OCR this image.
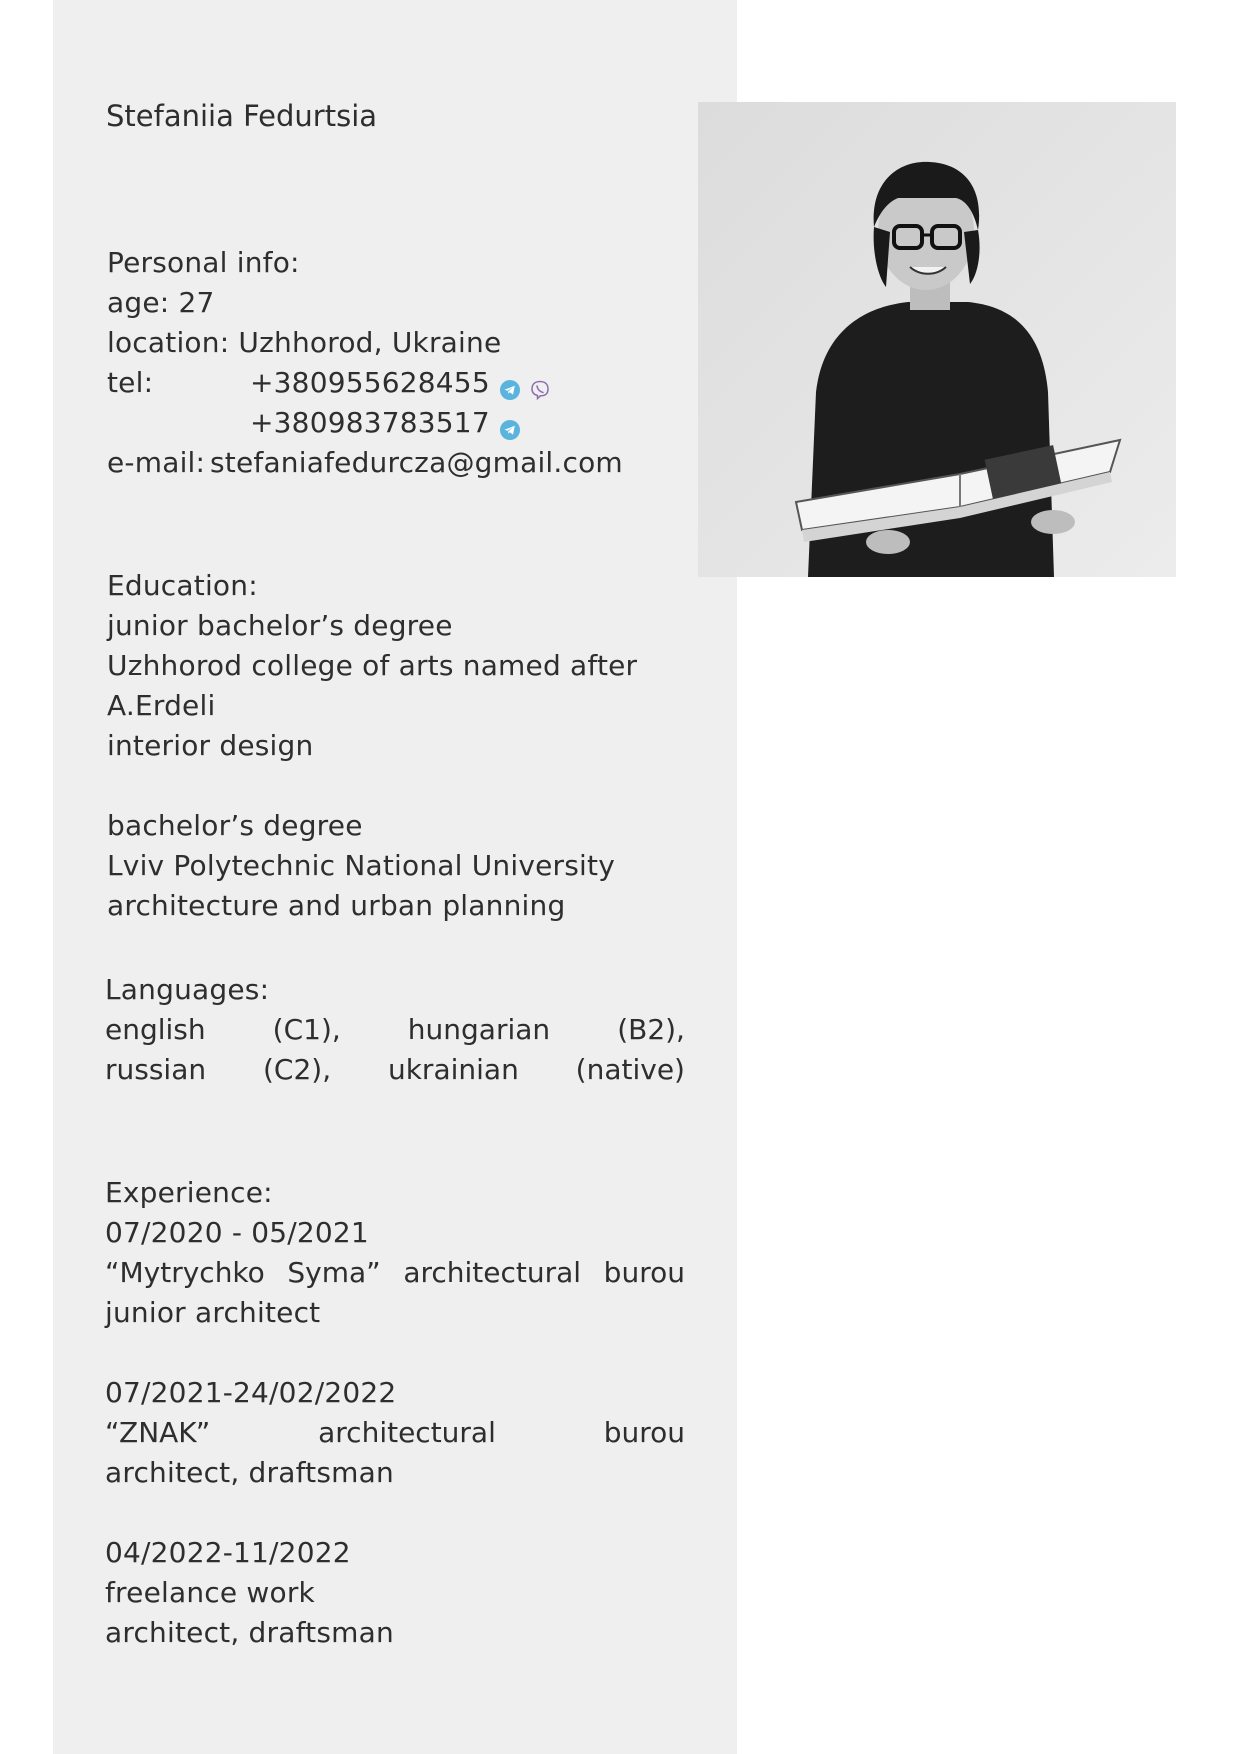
Stefaniia Fedurtsia
Personal info:
age: 27
location: Uzhhorod, Ukraine
tel:	+380955628455
+380983783517
e-mail: stefaniafedurcza@gmail.com
Education:
junior bachelor’s degree
Uzhhorod college of arts named after
A.Erdeli
interior design
bachelor’s degree
Lviv Polytechnic National University
architecture and urban planning
Languages:
english (C1), hungarian (B2),
russian (C2), ukrainian (native)
Experience:
07/2020 - 05/2021
“Mytrychko Syma” architectural burou
junior architect
07/2021-24/02/2022
“ZNAK”	architectural	burou
architect, draftsman
04/2022-11/2022
freelance work
architect, draftsman
